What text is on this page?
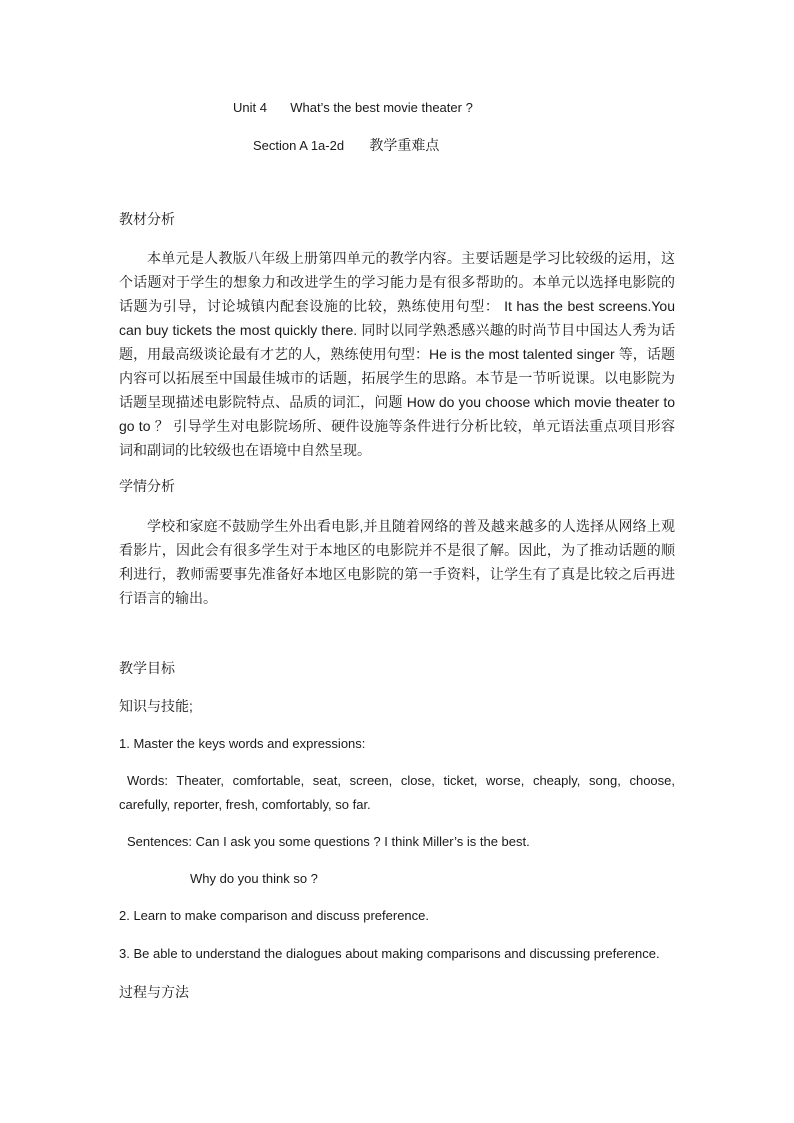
Unit 4 What’s the best movie theater ?
Section A 1a-2d 教学重难点
教材分析
本单元是人教版八年级上册第四单元的教学内容。主要话题是学习比较级的运用，这个话题对于学生的想象力和改进学生的学习能力是有很多帮助的。本单元以选择电影院的话题为引导，讨论城镇内配套设施的比较，熟练使用句型： It has the best screens.You can buy tickets the most quickly there. 同时以同学熟悉感兴趣的时尚节目中国达人秀为话题，用最高级谈论最有才艺的人，熟练使用句型：He is the most talented singer 等，话题内容可以拓展至中国最佳城市的话题，拓展学生的思路。本节是一节听说课。以电影院为话题呈现描述电影院特点、品质的词汇，问题 How do you choose which movie theater to go to ？ 引导学生对电影院场所、硬件设施等条件进行分析比较，单元语法重点项目形容词和副词的比较级也在语境中自然呈现。
学情分析
学校和家庭不鼓励学生外出看电影,并且随着网络的普及越来越多的人选择从网络上观看影片，因此会有很多学生对于本地区的电影院并不是很了解。因此，为了推动话题的顺利进行，教师需要事先准备好本地区电影院的第一手资料，让学生有了真是比较之后再进行语言的输出。
教学目标
知识与技能;
1. Master the keys words and expressions:
Words: Theater, comfortable, seat, screen, close, ticket, worse, cheaply, song, choose, carefully, reporter, fresh, comfortably, so far.
Sentences: Can I ask you some questions ? I think Miller’s is the best.
Why do you think so ?
2. Learn to make comparison and discuss preference.
3. Be able to understand the dialogues about making comparisons and discussing preference.
过程与方法
